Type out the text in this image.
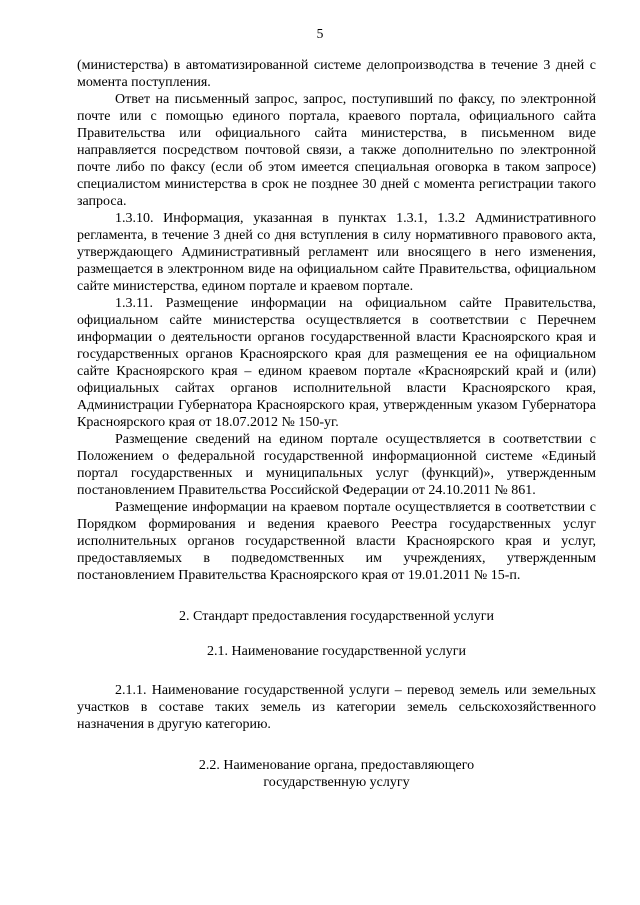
5

(министерства) в автоматизированной системе делопроизводства в течение 3 дней с момента поступления.

Ответ на письменный запрос, запрос, поступивший по факсу, по электронной почте или с помощью единого портала, краевого портала, официального сайта Правительства или официального сайта министерства, в письменном виде направляется посредством почтовой связи, а также дополнительно по электронной почте либо по факсу (если об этом имеется специальная оговорка в таком запросе) специалистом министерства в срок не позднее 30 дней с момента регистрации такого запроса.

1.3.10. Информация, указанная в пунктах 1.3.1, 1.3.2 Административного регламента, в течение 3 дней со дня вступления в силу нормативного правового акта, утверждающего Административный регламент или вносящего в него изменения, размещается в электронном виде на официальном сайте Правительства, официальном сайте министерства, едином портале и краевом портале.

1.3.11. Размещение информации на официальном сайте Правительства, официальном сайте министерства осуществляется в соответствии с Перечнем информации о деятельности органов государственной власти Красноярского края и государственных органов Красноярского края для размещения ее на официальном сайте Красноярского края – едином краевом портале «Красноярский край и (или) официальных сайтах органов исполнительной власти Красноярского края, Администрации Губернатора Красноярского края, утвержденным указом Губернатора Красноярского края от 18.07.2012 № 150-уг.

Размещение сведений на едином портале осуществляется в соответствии с Положением о федеральной государственной информационной системе «Единый портал государственных и муниципальных услуг (функций)», утвержденным постановлением Правительства Российской Федерации от 24.10.2011 № 861.

Размещение информации на краевом портале осуществляется в соответствии с Порядком формирования и ведения краевого Реестра государственных услуг исполнительных органов государственной власти Красноярского края и услуг, предоставляемых в подведомственных им учреждениях, утвержденным постановлением Правительства Красноярского края от 19.01.2011 № 15-п.

2. Стандарт предоставления государственной услуги

2.1. Наименование государственной услуги

2.1.1. Наименование государственной услуги – перевод земель или земельных участков в составе таких земель из категории земель сельскохозяйственного назначения в другую категорию.

2.2. Наименование органа, предоставляющего

государственную услугу
